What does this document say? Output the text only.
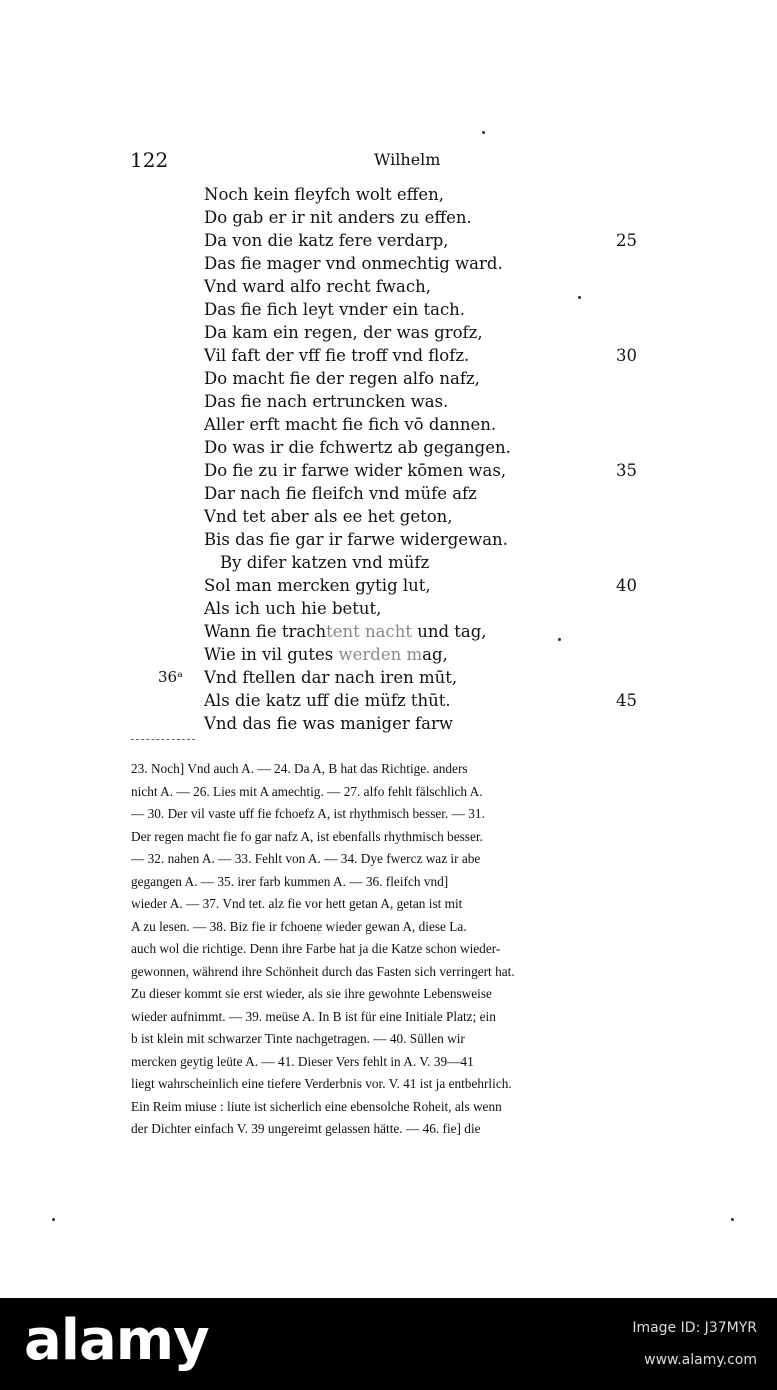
122	Wilhelm
Noch kein fleyfch wolt effen,
Do gab er ir nit anders zu effen.
Da von die katz fere verdarp,	25
Das fie mager vnd onmechtig ward.
Vnd ward alfo recht fwach,
Das fie fich leyt vnder ein tach.
Da kam ein regen, der was grofz,
Vil faft der vff fie troff vnd flofz.	30
Do macht fie der regen alfo nafz,
Das fie nach ertruncken was.
Aller erft macht fie fich vō dannen.
Do was ir die fchwertz ab gegangen.
Do fie zu ir farwe wider kōmen was,	35
Dar nach fie fleifch vnd müfe afz
Vnd tet aber als ee het geton,
Bis das fie gar ir farwe widergewan.
By difer katzen vnd müfz
Sol man mercken gytig lut,	40
Als ich uch hie betut,
Wann fie trachtent nacht und tag,
Wie in vil gutes werden mag,
36ᵃ Vnd ftellen dar nach iren mūt,
Als die katz uff die müfz thūt.	45
Vnd das fie was maniger farw
23. Noch] Vnd auch A. — 24. Da A, B hat das Richtige. anders
nicht A. — 26. Lies mit A amechtig. — 27. alfo fehlt fälschlich A.
— 30. Der vil vaste uff fie fchoefz A, ist rhythmisch besser. — 31.
Der regen macht fie fo gar nafz A, ist ebenfalls rhythmisch besser.
— 32. nahen A. — 33. Fehlt von A. — 34. Dye fwercz waz ir abe
gegangen A. — 35. irer farb kummen A. — 36. fleifch vnd]
wieder A. — 37. Vnd tet. alz fie vor hett getan A, getan ist mit
A zu lesen. — 38. Biz fie ir fchoene wieder gewan A, diese La.
auch wol die richtige. Denn ihre Farbe hat ja die Katze schon wieder-
gewonnen, während ihre Schönheit durch das Fasten sich verringert hat.
Zu dieser kommt sie erst wieder, als sie ihre gewohnte Lebensweise
wieder aufnimmt. — 39. meüse A. In B ist für eine Initiale Platz; ein
b ist klein mit schwarzer Tinte nachgetragen. — 40. Süllen wir
mercken geytig leüte A. — 41. Dieser Vers fehlt in A. V. 39—41
liegt wahrscheinlich eine tiefere Verderbnis vor. V. 41 ist ja entbehrlich.
Ein Reim miuse : liute ist sicherlich eine ebensolche Roheit, als wenn
der Dichter einfach V. 39 ungereimt gelassen hätte. — 46. fie] die
alamy	Image ID: J37MYR
www.alamy.com
